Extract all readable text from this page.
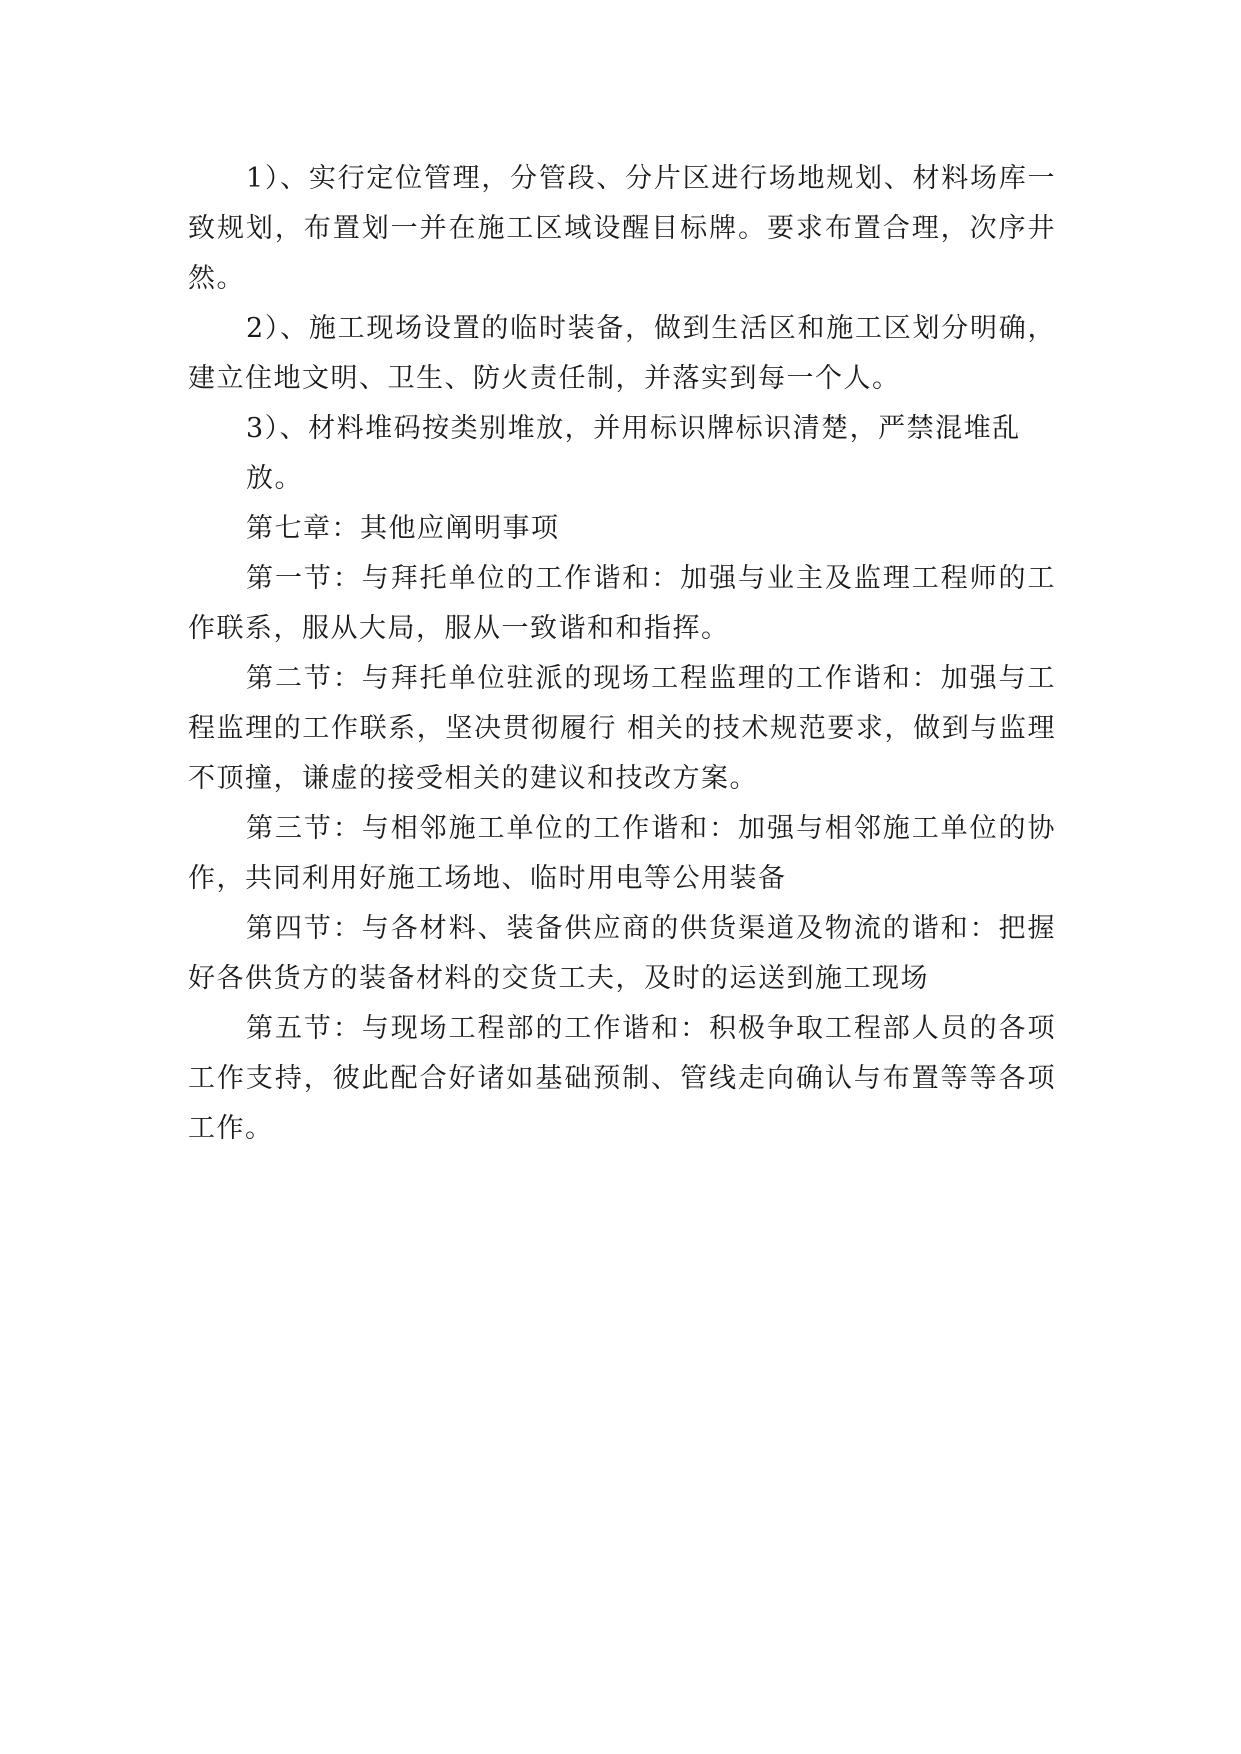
1）、实行定位管理，分管段、分片区进行场地规划、材料场库一致规划，布置划一并在施工区域设醒目标牌。要求布置合理，次序井然。

2）、施工现场设置的临时装备，做到生活区和施工区划分明确，建立住地文明、卫生、防火责任制，并落实到每一个人。

3）、材料堆码按类别堆放，并用标识牌标识清楚，严禁混堆乱

放。

第七章：其他应阐明事项

第一节：与拜托单位的工作谐和：加强与业主及监理工程师的工作联系，服从大局，服从一致谐和和指挥。

第二节：与拜托单位驻派的现场工程监理的工作谐和：加强与工程监理的工作联系，坚决贯彻履行 相关的技术规范要求，做到与监理不顶撞，谦虚的接受相关的建议和技改方案。

第三节：与相邻施工单位的工作谐和：加强与相邻施工单位的协作，共同利用好施工场地、临时用电等公用装备

第四节：与各材料、装备供应商的供货渠道及物流的谐和：把握好各供货方的装备材料的交货工夫，及时的运送到施工现场

第五节：与现场工程部的工作谐和：积极争取工程部人员的各项工作支持，彼此配合好诸如基础预制、管线走向确认与布置等等各项工作。
